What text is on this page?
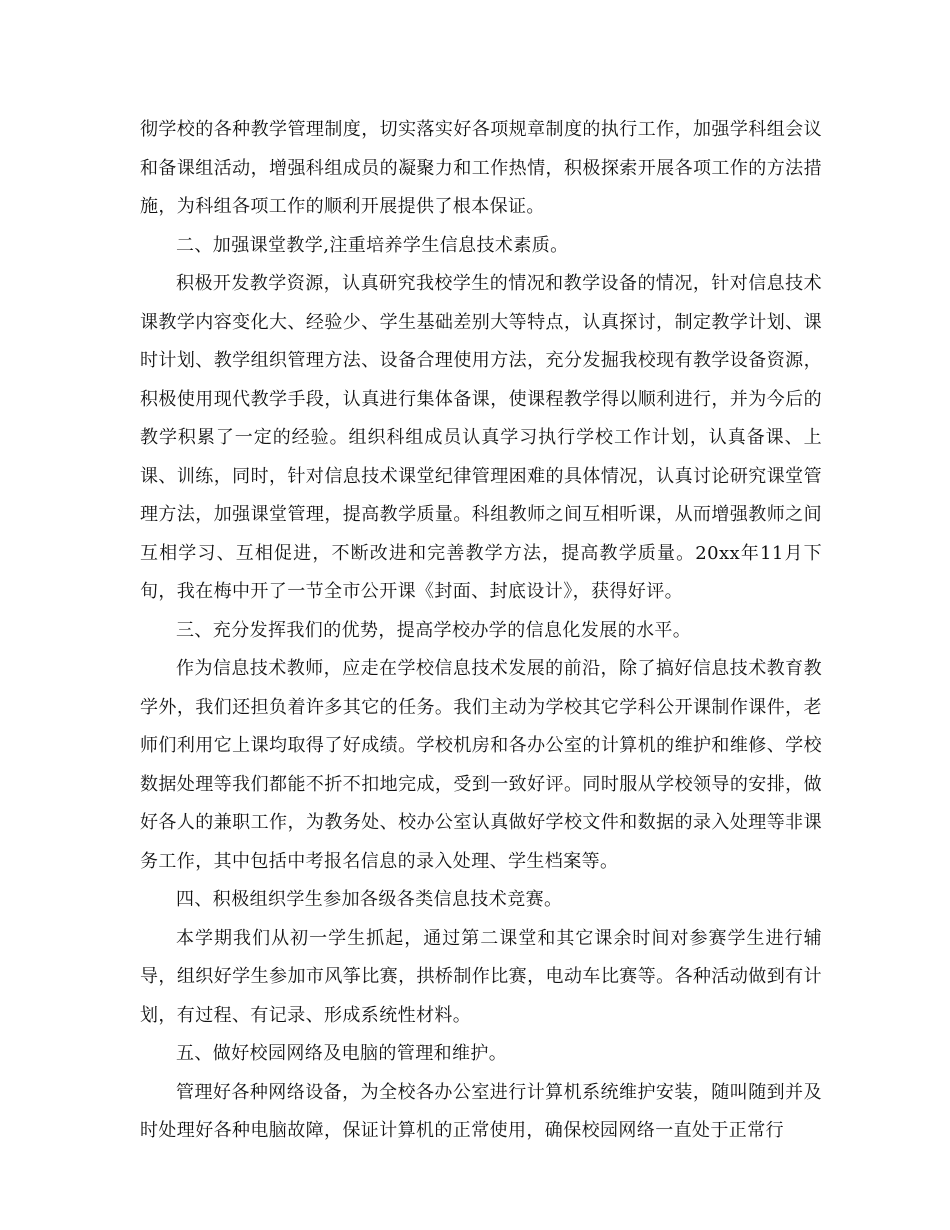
彻学校的各种教学管理制度，切实落实好各项规章制度的执行工作，加强学科组会议和备课组活动，增强科组成员的凝聚力和工作热情，积极探索开展各项工作的方法措施，为科组各项工作的顺利开展提供了根本保证。

二、加强课堂教学,注重培养学生信息技术素质。

积极开发教学资源，认真研究我校学生的情况和教学设备的情况，针对信息技术课教学内容变化大、经验少、学生基础差别大等特点，认真探讨，制定教学计划、课时计划、教学组织管理方法、设备合理使用方法，充分发掘我校现有教学设备资源，积极使用现代教学手段，认真进行集体备课，使课程教学得以顺利进行，并为今后的教学积累了一定的经验。组织科组成员认真学习执行学校工作计划，认真备课、上课、训练，同时，针对信息技术课堂纪律管理困难的具体情况，认真讨论研究课堂管理方法，加强课堂管理，提高教学质量。科组教师之间互相听课，从而增强教师之间互相学习、互相促进，不断改进和完善教学方法，提高教学质量。20xx年11月下旬，我在梅中开了一节全市公开课《封面、封底设计》，获得好评。

三、充分发挥我们的优势，提高学校办学的信息化发展的水平。

作为信息技术教师，应走在学校信息技术发展的前沿，除了搞好信息技术教育教学外，我们还担负着许多其它的任务。我们主动为学校其它学科公开课制作课件，老师们利用它上课均取得了好成绩。学校机房和各办公室的计算机的维护和维修、学校数据处理等我们都能不折不扣地完成，受到一致好评。同时服从学校领导的安排，做好各人的兼职工作，为教务处、校办公室认真做好学校文件和数据的录入处理等非课务工作，其中包括中考报名信息的录入处理、学生档案等。

四、积极组织学生参加各级各类信息技术竞赛。

本学期我们从初一学生抓起，通过第二课堂和其它课余时间对参赛学生进行辅导，组织好学生参加市风筝比赛，拱桥制作比赛，电动车比赛等。各种活动做到有计划，有过程、有记录、形成系统性材料。

五、做好校园网络及电脑的管理和维护。

管理好各种网络设备，为全校各办公室进行计算机系统维护安装，随叫随到并及时处理好各种电脑故障，保证计算机的正常使用，确保校园网络一直处于正常行
